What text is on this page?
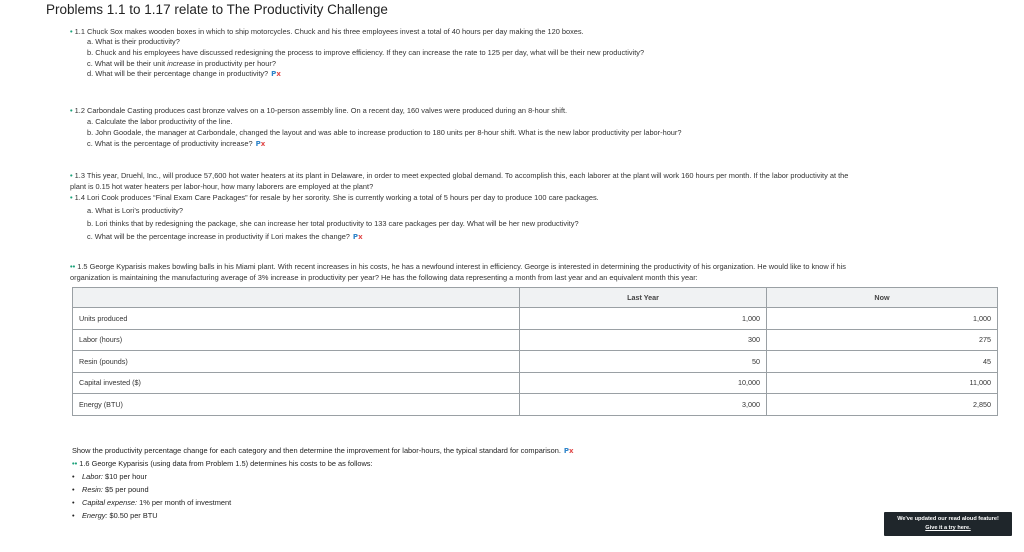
Problems 1.1 to 1.17 relate to The Productivity Challenge
• 1.1 Chuck Sox makes wooden boxes in which to ship motorcycles. Chuck and his three employees invest a total of 40 hours per day making the 120 boxes.
a. What is their productivity?
b. Chuck and his employees have discussed redesigning the process to improve efficiency. If they can increase the rate to 125 per day, what will be their new productivity?
c. What will be their unit increase in productivity per hour?
d. What will be their percentage change in productivity? Px
• 1.2 Carbondale Casting produces cast bronze valves on a 10-person assembly line. On a recent day, 160 valves were produced during an 8-hour shift.
a. Calculate the labor productivity of the line.
b. John Goodale, the manager at Carbondale, changed the layout and was able to increase production to 180 units per 8-hour shift. What is the new labor productivity per labor-hour?
c. What is the percentage of productivity increase? Px
• 1.3 This year, Druehl, Inc., will produce 57,600 hot water heaters at its plant in Delaware, in order to meet expected global demand. To accomplish this, each laborer at the plant will work 160 hours per month. If the labor productivity at the
plant is 0.15 hot water heaters per labor-hour, how many laborers are employed at the plant?
• 1.4 Lori Cook produces “Final Exam Care Packages” for resale by her sorority. She is currently working a total of 5 hours per day to produce 100 care packages.
a. What is Lori’s productivity?
b. Lori thinks that by redesigning the package, she can increase her total productivity to 133 care packages per day. What will be her new productivity?
c. What will be the percentage increase in productivity if Lori makes the change? Px
•• 1.5 George Kyparisis makes bowling balls in his Miami plant. With recent increases in his costs, he has a newfound interest in efficiency. George is interested in determining the productivity of his organization. He would like to know if his
organization is maintaining the manufacturing average of 3% increase in productivity per year? He has the following data representing a month from last year and an equivalent month this year:
	Last Year	Now
Units produced	1,000	1,000
Labor (hours)	300	275
Resin (pounds)	50	45
Capital invested ($)	10,000	11,000
Energy (BTU)	3,000	2,850
Show the productivity percentage change for each category and then determine the improvement for labor-hours, the typical standard for comparison. Px
•• 1.6 George Kyparisis (using data from Problem 1.5) determines his costs to be as follows:
• Labor: $10 per hour
• Resin: $5 per pound
• Capital expense: 1% per month of investment
• Energy: $0.50 per BTU	We've updated our read aloud feature!
Give it a try here.
